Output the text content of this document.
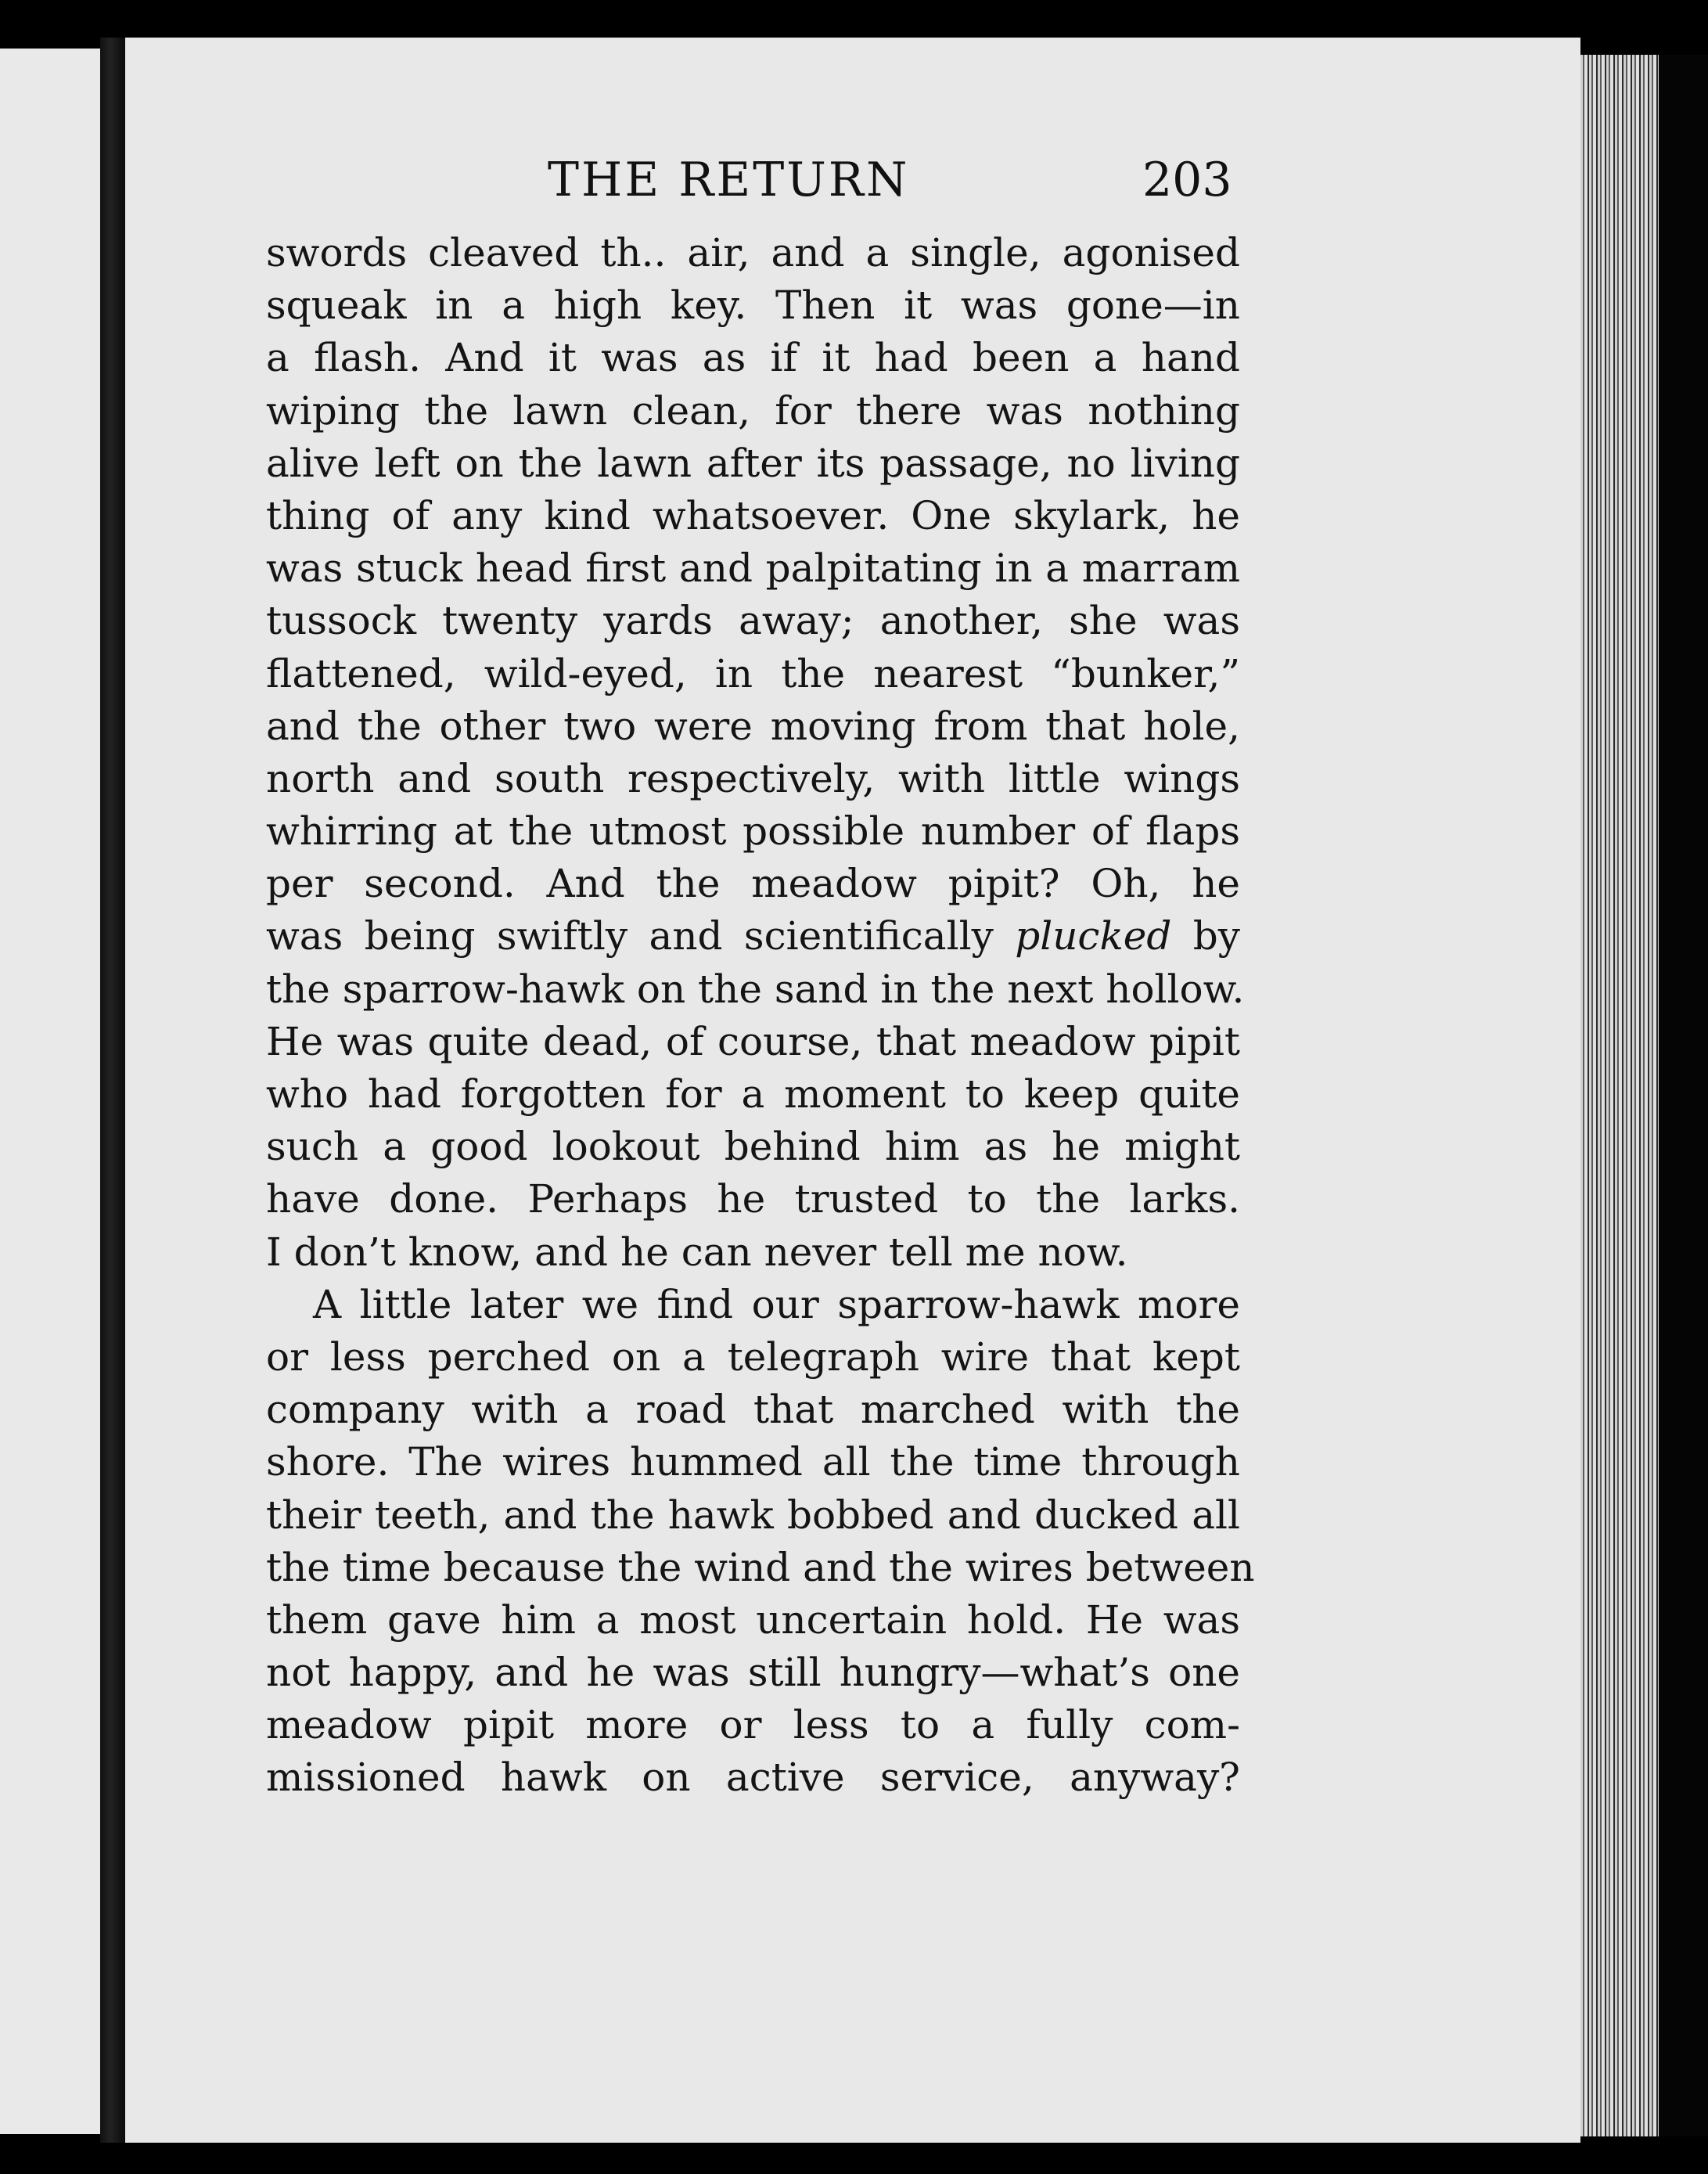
THE RETURN	203
swords cleaved th.. air, and a single, agonised
squeak in a high key. Then it was gone—in
a flash. And it was as if it had been a hand
wiping the lawn clean, for there was nothing
alive left on the lawn after its passage, no living
thing of any kind whatsoever. One skylark, he
was stuck head first and palpitating in a marram
tussock twenty yards away; another, she was
flattened, wild-eyed, in the nearest “bunker,”
and the other two were moving from that hole,
north and south respectively, with little wings
whirring at the utmost possible number of flaps
per second. And the meadow pipit? Oh, he
was being swiftly and scientifically plucked by
the sparrow-hawk on the sand in the next hollow.
He was quite dead, of course, that meadow pipit
who had forgotten for a moment to keep quite
such a good lookout behind him as he might
have done. Perhaps he trusted to the larks.
I don’t know, and he can never tell me now.
A little later we find our sparrow-hawk more
or less perched on a telegraph wire that kept
company with a road that marched with the
shore. The wires hummed all the time through
their teeth, and the hawk bobbed and ducked all
the time because the wind and the wires between
them gave him a most uncertain hold. He was
not happy, and he was still hungry—what’s one
meadow pipit more or less to a fully com-
missioned hawk on active service, anyway?
